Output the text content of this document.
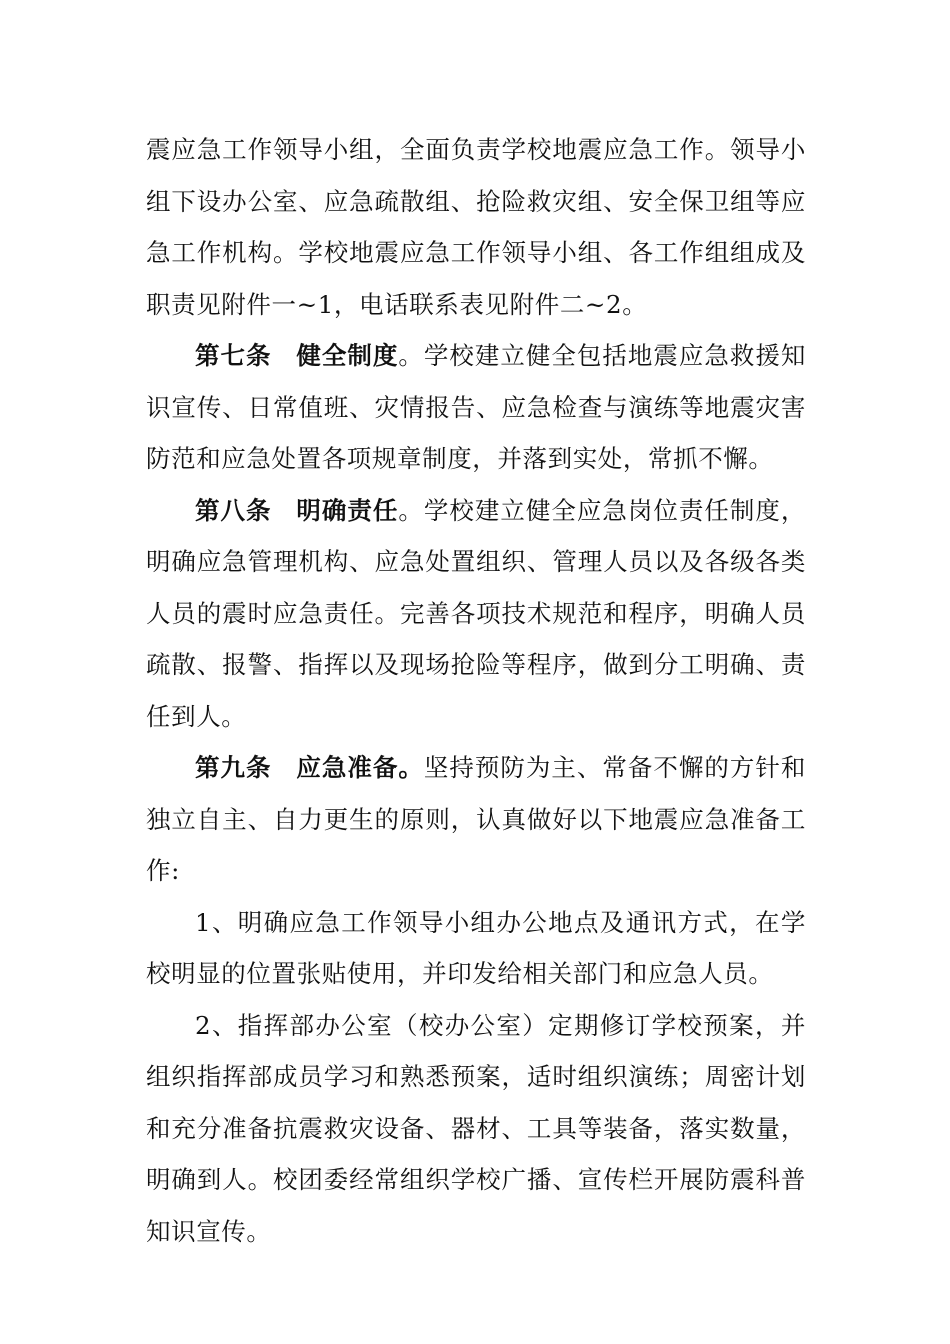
震应急工作领导小组，全面负责学校地震应急工作。领导小组下设办公室、应急疏散组、抢险救灾组、安全保卫组等应急工作机构。学校地震应急工作领导小组、各工作组组成及职责见附件一~1，电话联系表见附件二~2。

第七条 健全制度。学校建立健全包括地震应急救援知识宣传、日常值班、灾情报告、应急检查与演练等地震灾害防范和应急处置各项规章制度，并落到实处，常抓不懈。

第八条 明确责任。学校建立健全应急岗位责任制度，明确应急管理机构、应急处置组织、管理人员以及各级各类人员的震时应急责任。完善各项技术规范和程序，明确人员疏散、报警、指挥以及现场抢险等程序，做到分工明确、责任到人。

第九条 应急准备。坚持预防为主、常备不懈的方针和独立自主、自力更生的原则，认真做好以下地震应急准备工作:

1、明确应急工作领导小组办公地点及通讯方式，在学校明显的位置张贴使用，并印发给相关部门和应急人员。

2、指挥部办公室（校办公室）定期修订学校预案，并组织指挥部成员学习和熟悉预案，适时组织演练；周密计划和充分准备抗震救灾设备、器材、工具等装备，落实数量，明确到人。校团委经常组织学校广播、宣传栏开展防震科普知识宣传。
